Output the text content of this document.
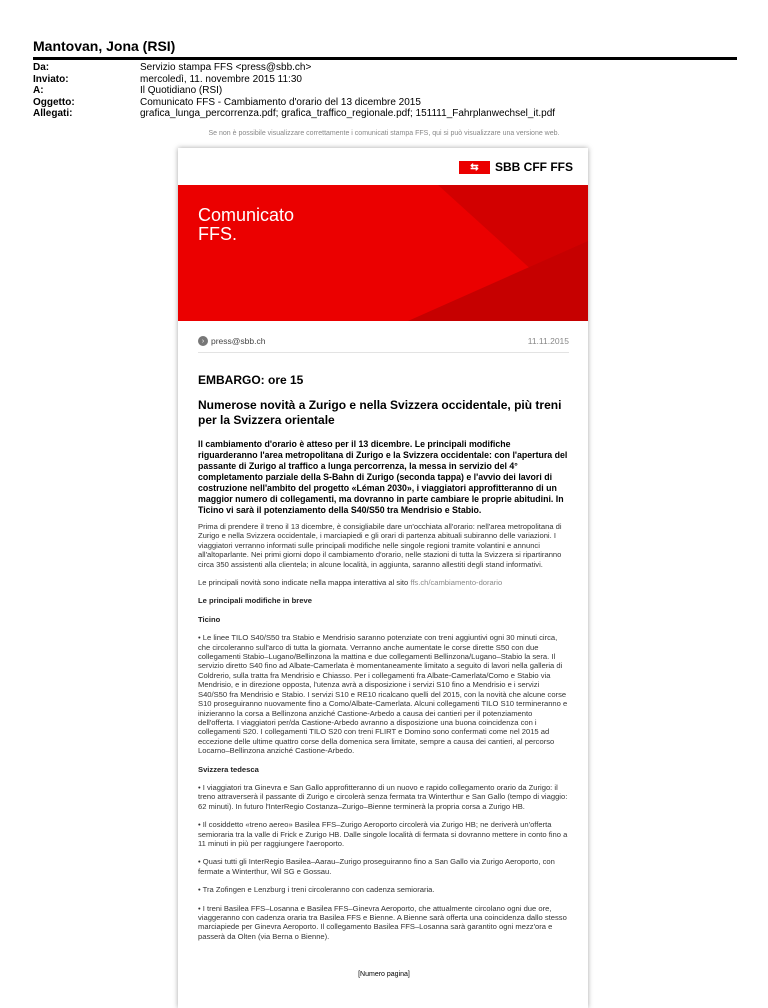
Mantovan, Jona (RSI)
Da:	Servizio stampa FFS <press@sbb.ch>
Inviato:	mercoledì, 11. novembre 2015 11:30
A:	Il Quotidiano (RSI)
Oggetto:	Comunicato FFS - Cambiamento d'orario del 13 dicembre 2015
Allegati:	grafica_lunga_percorrenza.pdf; grafica_traffico_regionale.pdf; 151111_Fahrplanwechsel_it.pdf
Se non è possibile visualizzare correttamente i comunicati stampa FFS, qui si può visualizzare una versione web.
⇆	SBB CFF FFS
Comunicato
FFS.
› press@sbb.ch	11.11.2015
EMBARGO: ore 15
Numerose novità a Zurigo e nella Svizzera occidentale, più treni per la Svizzera orientale
Il cambiamento d'orario è atteso per il 13 dicembre. Le principali modifiche riguarderanno l'area metropolitana di Zurigo e la Svizzera occidentale: con l'apertura del passante di Zurigo al traffico a lunga percorrenza, la messa in servizio del 4° completamento parziale della S-Bahn di Zurigo (seconda tappa) e l'avvio dei lavori di costruzione nell'ambito del progetto «Léman 2030», i viaggiatori approfitteranno di un maggior numero di collegamenti, ma dovranno in parte cambiare le proprie abitudini. In Ticino vi sarà il potenziamento della S40/S50 tra Mendrisio e Stabio.

Prima di prendere il treno il 13 dicembre, è consigliabile dare un'occhiata all'orario: nell'area metropolitana di Zurigo e nella Svizzera occidentale, i marciapiedi e gli orari di partenza abituali subiranno delle variazioni. I viaggiatori verranno informati sulle principali modifiche nelle singole regioni tramite volantini e annunci all'altoparlante. Nei primi giorni dopo il cambiamento d'orario, nelle stazioni di tutta la Svizzera si ripartiranno circa 350 assistenti alla clientela; in alcune località, in aggiunta, saranno allestiti degli stand informativi.

Le principali novità sono indicate nella mappa interattiva al sito ffs.ch/cambiamento-dorario

Le principali modifiche in breve

Ticino

• Le linee TILO S40/S50 tra Stabio e Mendrisio saranno potenziate con treni aggiuntivi ogni 30 minuti circa, che circoleranno sull'arco di tutta la giornata. Verranno anche aumentate le corse dirette S50 con due collegamenti Stabio–Lugano/Bellinzona la mattina e due collegamenti Bellinzona/Lugano–Stabio la sera. Il servizio diretto S40 fino ad Albate-Camerlata è momentaneamente limitato a seguito di lavori nella galleria di Coldrerio, sulla tratta fra Mendrisio e Chiasso. Per i collegamenti fra Albate-Camerlata/Como e Stabio via Mendrisio, e in direzione opposta, l'utenza avrà a disposizione i servizi S10 fino a Mendrisio e i servizi S40/S50 fra Mendrisio e Stabio. I servizi S10 e RE10 ricalcano quelli del 2015, con la novità che alcune corse S10 proseguiranno nuovamente fino a Como/Albate-Camerlata. Alcuni collegamenti TILO S10 termineranno e inizieranno la corsa a Bellinzona anziché Castione-Arbedo a causa dei cantieri per il potenziamento dell'offerta. I viaggiatori per/da Castione-Arbedo avranno a disposizione una buona coincidenza con i collegamenti S20. I collegamenti TILO S20 con treni FLIRT e Domino sono confermati come nel 2015 ad eccezione delle ultime quattro corse della domenica sera limitate, sempre a causa dei cantieri, al percorso Locarno–Bellinzona anziché Castione-Arbedo.

Svizzera tedesca

• I viaggiatori tra Ginevra e San Gallo approfitteranno di un nuovo e rapido collegamento orario da Zurigo: il treno attraverserà il passante di Zurigo e circolerà senza fermata tra Winterthur e San Gallo (tempo di viaggio: 62 minuti). In futuro l'InterRegio Costanza–Zurigo–Bienne terminerà la propria corsa a Zurigo HB.

• Il cosiddetto «treno aereo» Basilea FFS–Zurigo Aeroporto circolerà via Zurigo HB; ne deriverà un'offerta semioraria tra la valle di Frick e Zurigo HB. Dalle singole località di fermata si dovranno mettere in conto fino a 11 minuti in più per raggiungere l'aeroporto.

• Quasi tutti gli InterRegio Basilea–Aarau–Zurigo proseguiranno fino a San Gallo via Zurigo Aeroporto, con fermate a Winterthur, Wil SG e Gossau.

• Tra Zofingen e Lenzburg i treni circoleranno con cadenza semioraria.

• I treni Basilea FFS–Losanna e Basilea FFS–Ginevra Aeroporto, che attualmente circolano ogni due ore, viaggeranno con cadenza oraria tra Basilea FFS e Bienne. A Bienne sarà offerta una coincidenza dallo stesso marciapiede per Ginevra Aeroporto. Il collegamento Basilea FFS–Losanna sarà garantito ogni mezz'ora e passerà da Olten (via Berna o Bienne).

[Numero pagina]
